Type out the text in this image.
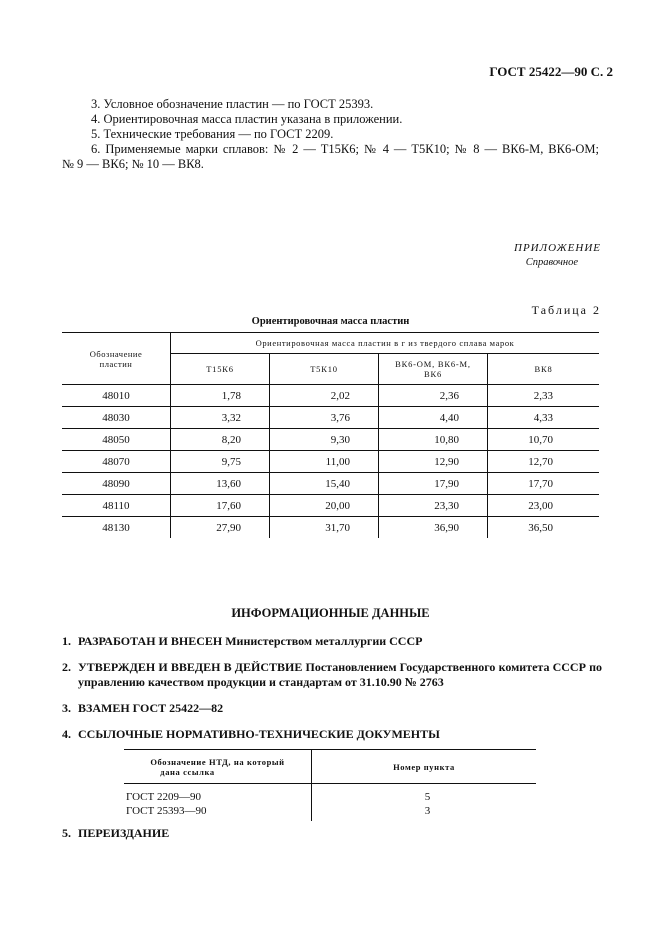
ГОСТ 25422—90 С. 2
3. Условное обозначение пластин — по ГОСТ 25393.
4. Ориентировочная масса пластин указана в приложении.
5. Технические требования — по ГОСТ 2209.
6. Применяемые марки сплавов: № 2 — Т15К6; № 4 — Т5К10; № 8 — ВК6-М, ВК6-ОМ;
№ 9 — ВК6; № 10 — ВК8.
ПРИЛОЖЕНИЕ
Справочное
Таблица 2
Ориентировочная масса пластин
Обозначение пластин	Ориентировочная масса пластин в г из твердого сплава марок			
	Т15К6	Т5К10	ВК6-ОМ, ВК6-М, ВК6	ВК8
48010	1,78	2,02	2,36	2,33
48030	3,32	3,76	4,40	4,33
48050	8,20	9,30	10,80	10,70
48070	9,75	11,00	12,90	12,70
48090	13,60	15,40	17,90	17,70
48110	17,60	20,00	23,30	23,00
48130	27,90	31,70	36,90	36,50
ИНФОРМАЦИОННЫЕ ДАННЫЕ
1. РАЗРАБОТАН И ВНЕСЕН Министерством металлургии СССР
2. УТВЕРЖДЕН И ВВЕДЕН В ДЕЙСТВИЕ Постановлением Государственного комитета СССР по
управлению качеством продукции и стандартам от 31.10.90 № 2763
3. ВЗАМЕН ГОСТ 25422—82
4. ССЫЛОЧНЫЕ НОРМАТИВНО-ТЕХНИЧЕСКИЕ ДОКУМЕНТЫ
Обозначение НТД, на который
дана ссылка	Номер пункта
ГОСТ 2209—90	5
ГОСТ 25393—90	3
5. ПЕРЕИЗДАНИЕ
